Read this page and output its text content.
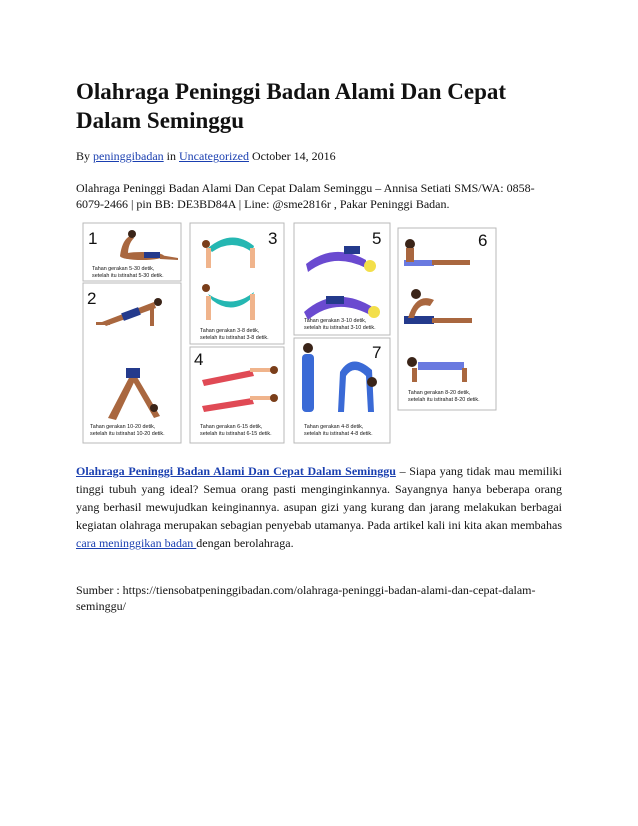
Olahraga Peninggi Badan Alami Dan Cepat Dalam Seminggu
By peninggibadan in Uncategorized October 14, 2016
Olahraga Peninggi Badan Alami Dan Cepat Dalam Seminggu – Annisa Setiati SMS/WA: 0858-6079-2466 | pin BB: DE3BD84A | Line: @sme2816r , Pakar Peninggi Badan.
1
Tahan gerakan 5-30 detik,
setelah itu istirahat 5-30 detik.
2
Tahan gerakan 10-20 detik,
setelah itu istirahat 10-20 detik.
3
Tahan gerakan 3-8 detik,
setelah itu istirahat 3-8 detik.
4
Tahan gerakan 6-15 detik,
setelah itu istirahat 6-15 detik.
5
Tahan gerakan 3-10 detik,
setelah itu istirahat 3-10 detik.
7
Tahan gerakan 4-8 detik,
setelah itu istirahat 4-8 detik.
6
Tahan gerakan 8-20 detik,
setelah itu istirahat 8-20 detik.
Olahraga Peninggi Badan Alami Dan Cepat Dalam Seminggu – Siapa yang tidak mau memiliki tinggi tubuh yang ideal? Semua orang pasti menginginkannya. Sayangnya hanya beberapa orang yang berhasil mewujudkan keinginannya. asupan gizi yang kurang dan jarang melakukan berbagai kegiatan olahraga merupakan sebagian penyebab utamanya. Pada artikel kali ini kita akan membahas cara meninggikan badan dengan berolahraga.
Sumber : https://tiensobatpeninggibadan.com/olahraga-peninggi-badan-alami-dan-cepat-dalam-seminggu/
